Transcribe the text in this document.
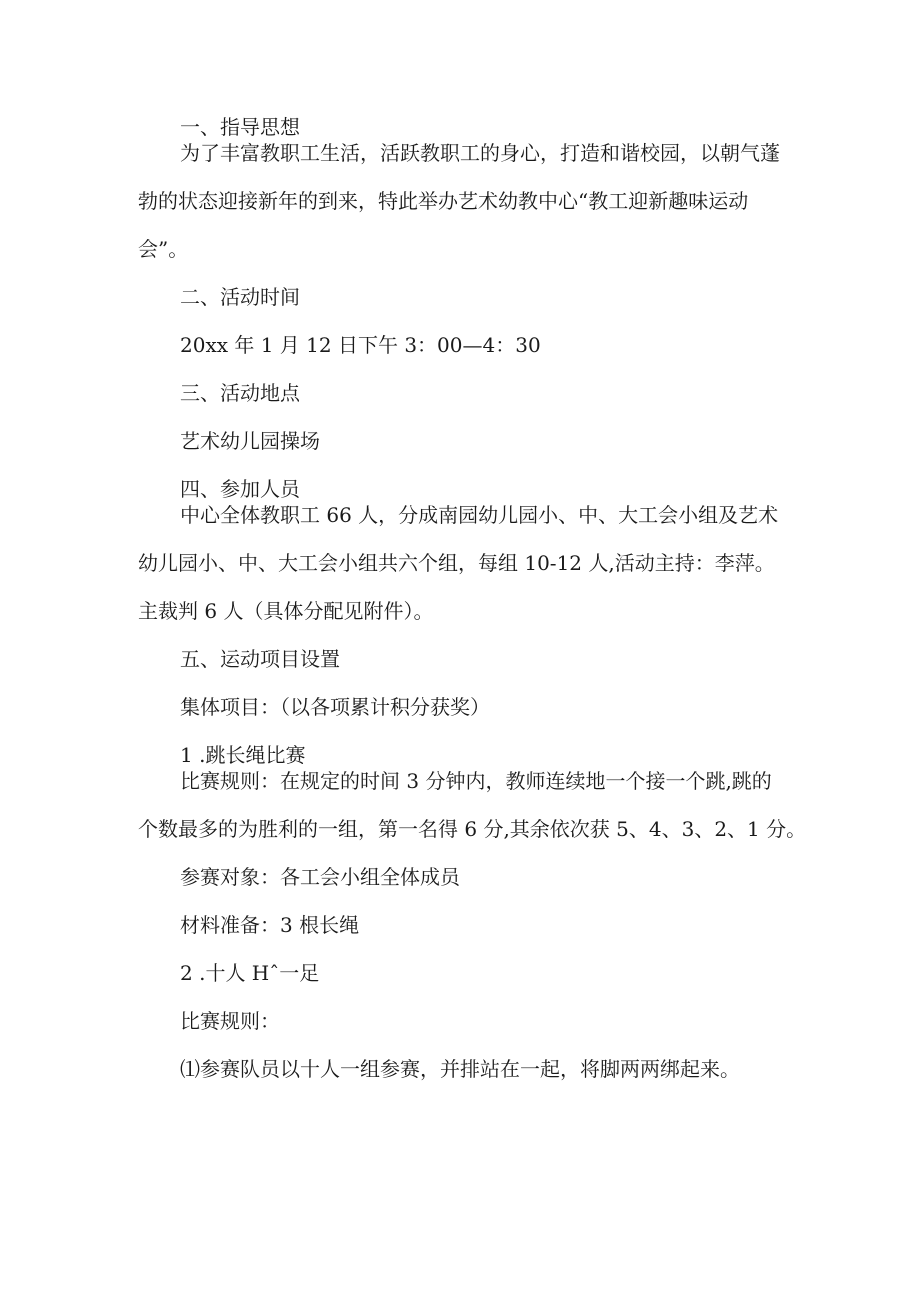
一、指导思想

为了丰富教职工生活，活跃教职工的身心，打造和谐校园，以朝气蓬

勃的状态迎接新年的到来，特此举办艺术幼教中心“教工迎新趣味运动

会”。

二、活动时间

20xx 年 1 月 12 日下午 3：00—4：30

三、活动地点

艺术幼儿园操场

四、参加人员

中心全体教职工 66 人，分成南园幼儿园小、中、大工会小组及艺术

幼儿园小、中、大工会小组共六个组，每组 10-12 人,活动主持：李萍。

主裁判 6 人（具体分配见附件）。

五、运动项目设置

集体项目：（以各项累计积分获奖）

1 .跳长绳比赛

比赛规则：在规定的时间 3 分钟内，教师连续地一个接一个跳,跳的

个数最多的为胜利的一组，第一名得 6 分,其余依次获 5、4、3、2、1 分。

参赛对象：各工会小组全体成员

材料准备：3 根长绳

2 .十人 Hˆ一足

比赛规则：

⑴参赛队员以十人一组参赛，并排站在一起，将脚两两绑起来。
